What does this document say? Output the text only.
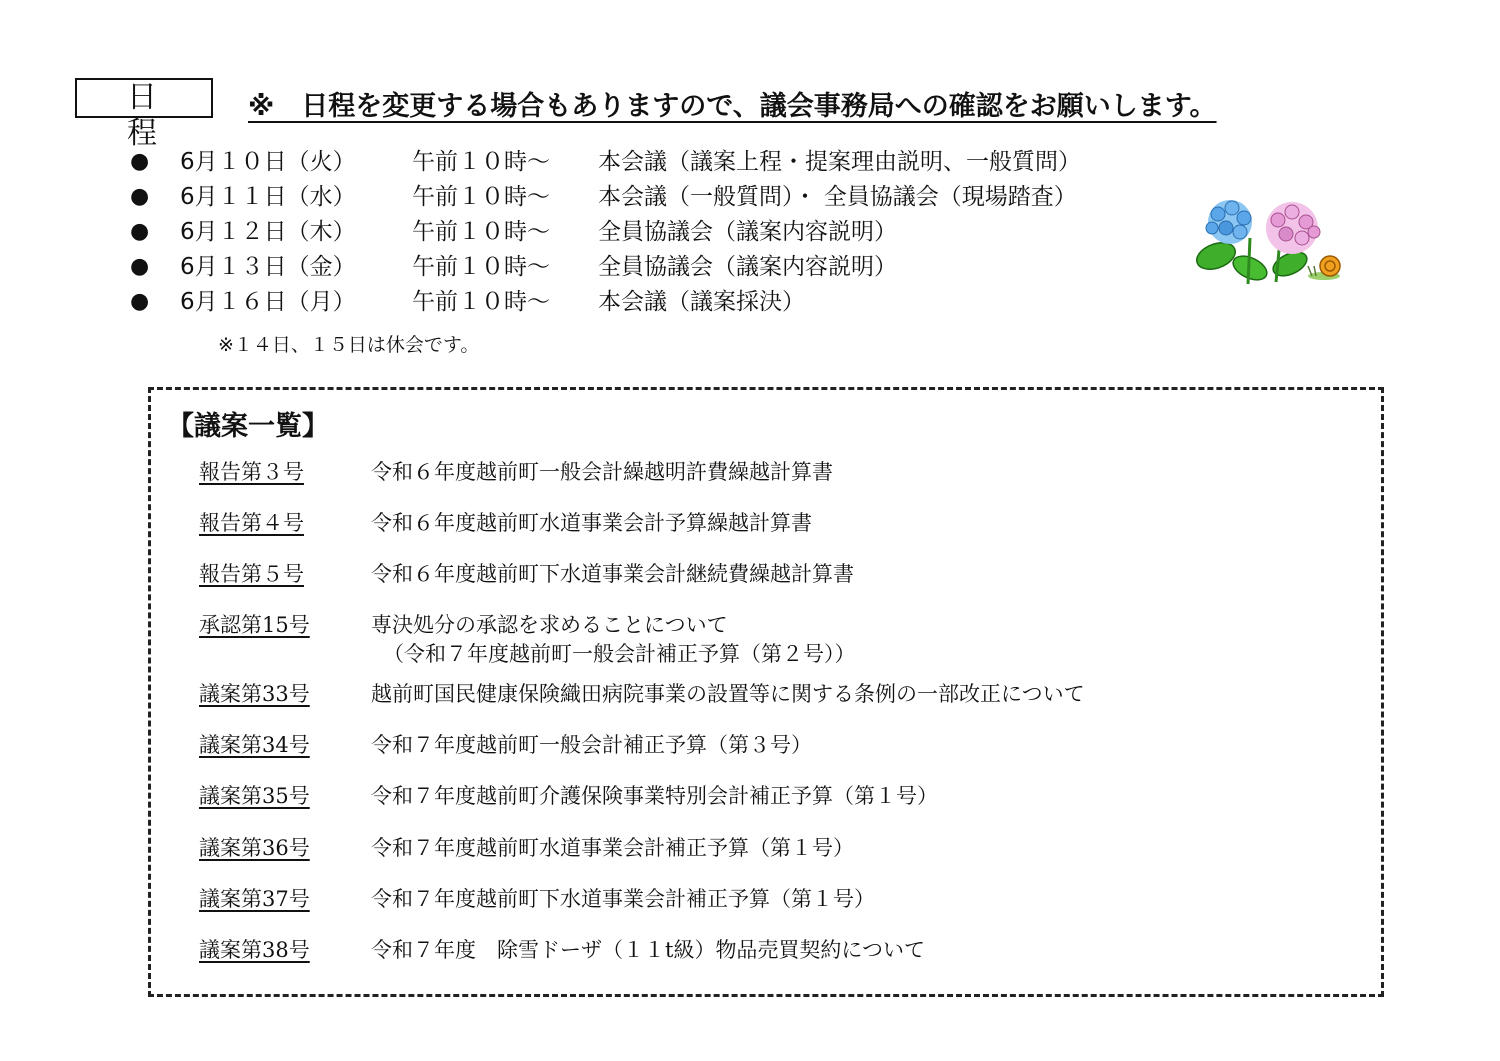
日 程
※　日程を変更する場合もありますので、議会事務局への確認をお願いします。
● 6月１０日（火） 午前１０時～ 本会議（議案上程・提案理由説明、一般質問）
● 6月１１日（水） 午前１０時～ 本会議（一般質問）・ 全員協議会（現場踏査）
● 6月１２日（木） 午前１０時～ 全員協議会（議案内容説明）
● 6月１３日（金） 午前１０時～ 全員協議会（議案内容説明）
● 6月１６日（月） 午前１０時～ 本会議（議案採決）
※１４日、１５日は休会です。
【議案一覧】
報告第３号	令和６年度越前町一般会計繰越明許費繰越計算書
報告第４号	令和６年度越前町水道事業会計予算繰越計算書
報告第５号	令和６年度越前町下水道事業会計継続費繰越計算書
承認第15号	専決処分の承認を求めることについて
（令和７年度越前町一般会計補正予算（第２号））
議案第33号	越前町国民健康保険織田病院事業の設置等に関する条例の一部改正について
議案第34号	令和７年度越前町一般会計補正予算（第３号）
議案第35号	令和７年度越前町介護保険事業特別会計補正予算（第１号）
議案第36号	令和７年度越前町水道事業会計補正予算（第１号）
議案第37号	令和７年度越前町下水道事業会計補正予算（第１号）
議案第38号	令和７年度　除雪ドーザ（１１t級）物品売買契約について
